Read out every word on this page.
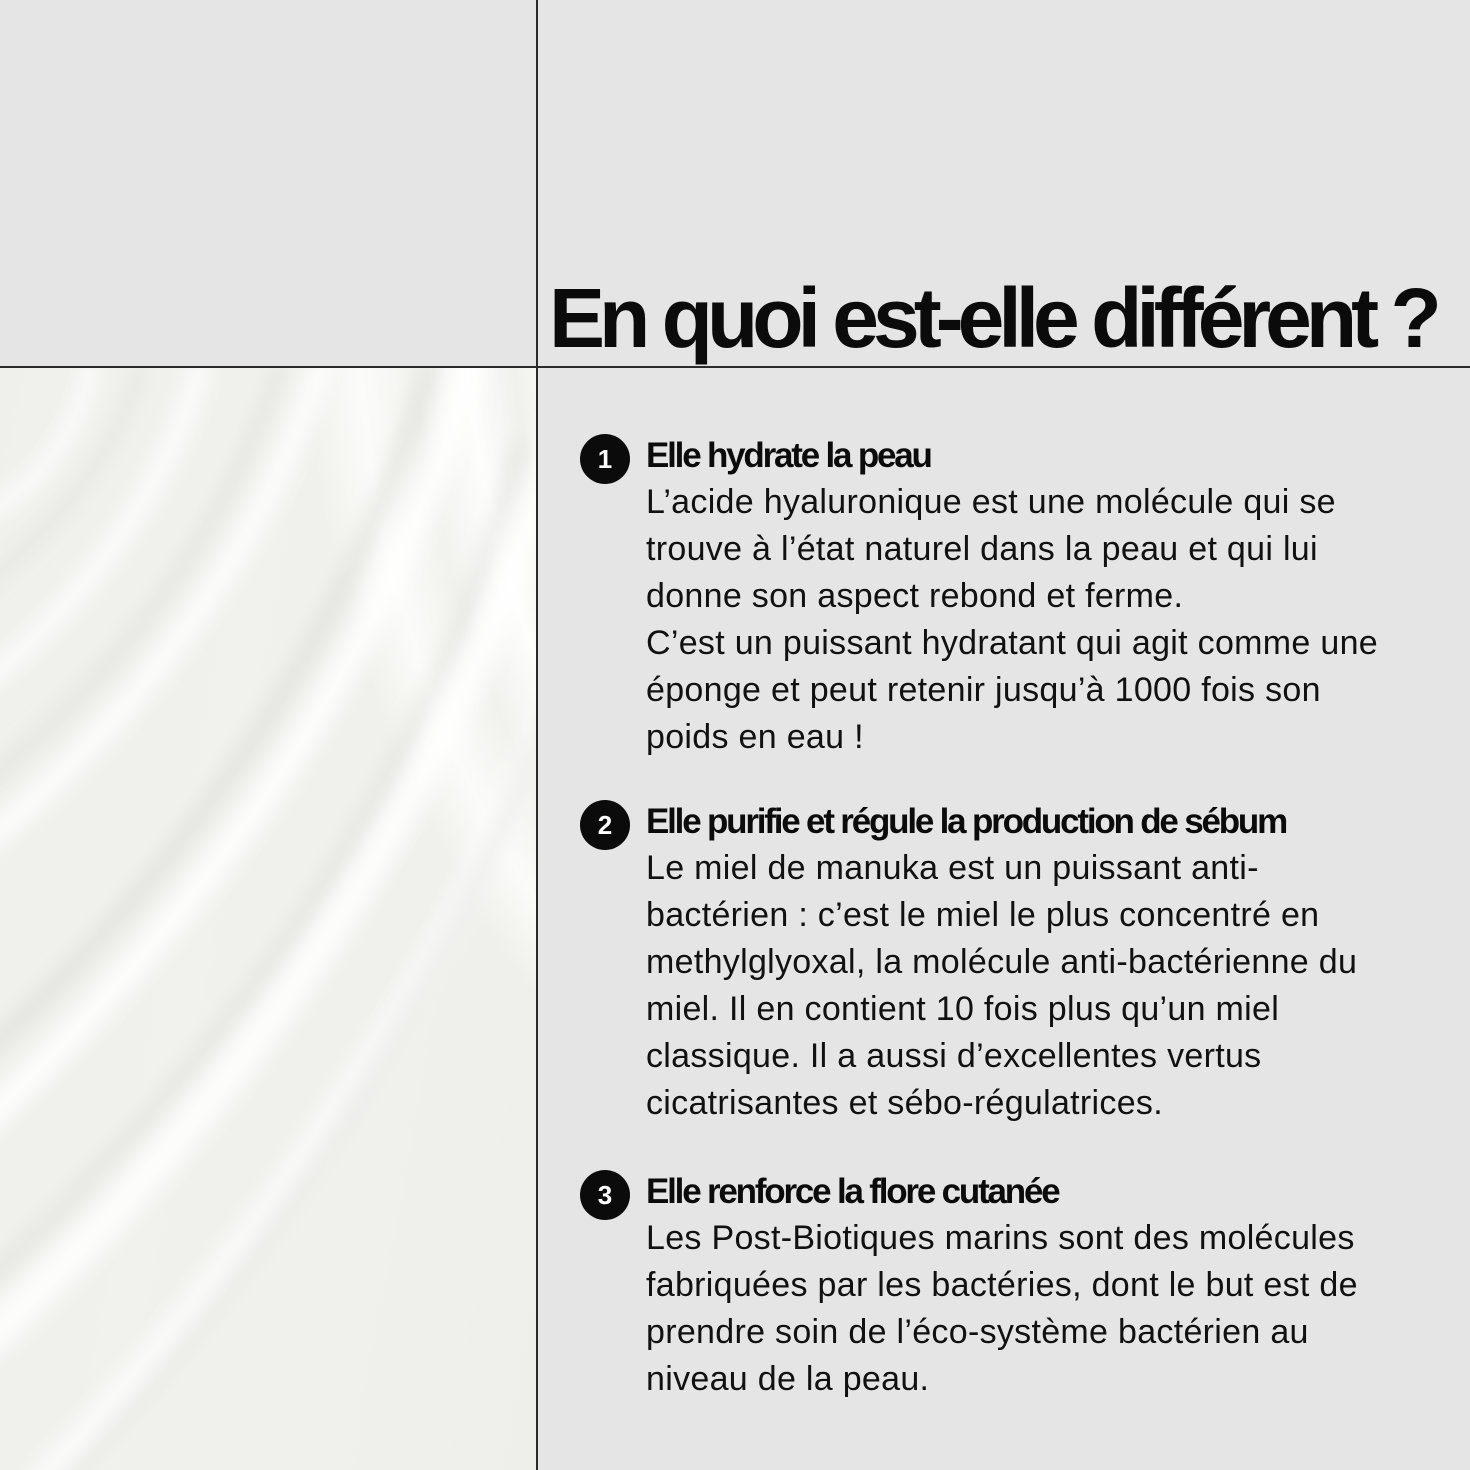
En quoi est-elle différent ?
1 Elle hydrate la peau

L’acide hyaluronique est une molécule qui se
trouve à l’état naturel dans la peau et qui lui
donne son aspect rebond et ferme.
C’est un puissant hydratant qui agit comme une
éponge et peut retenir jusqu’à 1000 fois son
poids en eau !

2 Elle purifie et régule la production de sébum

Le miel de manuka est un puissant anti-
bactérien : c’est le miel le plus concentré en
methylglyoxal, la molécule anti-bactérienne du
miel. Il en contient 10 fois plus qu’un miel
classique. Il a aussi d’excellentes vertus
cicatrisantes et sébo-régulatrices.

3 Elle renforce la flore cutanée

Les Post-Biotiques marins sont des molécules
fabriquées par les bactéries, dont le but est de
prendre soin de l’éco-système bactérien au
niveau de la peau.
